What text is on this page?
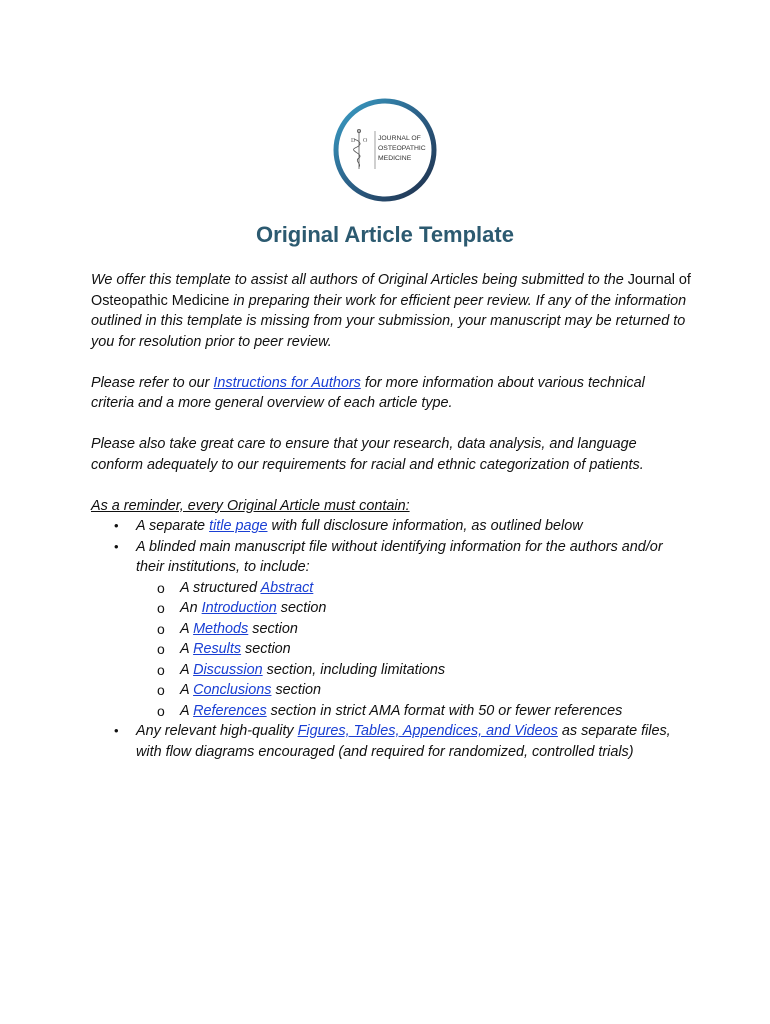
D O JOURNAL OF
OSTEOPATHIC
MEDICINE
Original Article Template

We offer this template to assist all authors of Original Articles being submitted to the Journal of Osteopathic Medicine in preparing their work for efficient peer review. If any of the information outlined in this template is missing from your submission, your manuscript may be returned to you for resolution prior to peer review.

Please refer to our Instructions for Authors for more information about various technical criteria and a more general overview of each article type.

Please also take great care to ensure that your research, data analysis, and language conform adequately to our requirements for racial and ethnic categorization of patients.

As a reminder, every Original Article must contain:
• A separate title page with full disclosure information, as outlined below
• A blinded main manuscript file without identifying information for the authors and/or their institutions, to include:
o A structured Abstract
o An Introduction section
o A Methods section
o A Results section
o A Discussion section, including limitations
o A Conclusions section
o A References section in strict AMA format with 50 or fewer references
• Any relevant high-quality Figures, Tables, Appendices, and Videos as separate files, with flow diagrams encouraged (and required for randomized, controlled trials)
